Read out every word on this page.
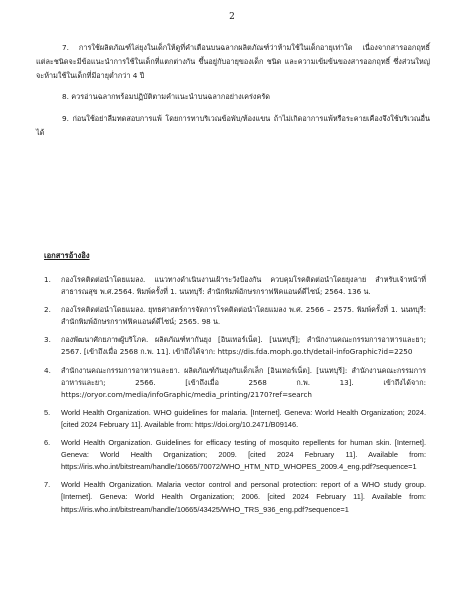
2

7. การใช้ผลิตภัณฑ์ไล่ยุงในเด็กให้ดูที่คำเตือนบนฉลากผลิตภัณฑ์ว่าห้ามใช้ในเด็กอายุเท่าใด เนื่องจากสารออกฤทธิ์แต่ละชนิดจะมีข้อแนะนำการใช้ในเด็กที่แตกต่างกัน ขึ้นอยู่กับอายุของเด็ก ชนิด และความเข้มข้นของสารออกฤทธิ์ ซึ่งส่วนใหญ่จะห้ามใช้ในเด็กที่มีอายุต่ำกว่า 4 ปี

8. ควรอ่านฉลากพร้อมปฏิบัติตามคำแนะนำบนฉลากอย่างเคร่งครัด

9. ก่อนใช้อย่าลืมทดสอบการแพ้ โดยการทาบริเวณข้อพับ/ท้องแขน ถ้าไม่เกิดอาการแพ้หรือระคายเคืองจึงใช้บริเวณอื่นได้

เอกสารอ้างอิง
1. กองโรคติดต่อนำโดยแมลง. แนวทางดำเนินงานเฝ้าระวังป้องกัน ควบคุมโรคติดต่อนำโดยยุงลาย สำหรับเจ้าหน้าที่สาธารณสุข พ.ศ.2564. พิมพ์ครั้งที่ 1. นนทบุรี: สำนักพิมพ์อักษรกราฟฟิคแอนด์ดีไซน์; 2564. 136 น.
2. กองโรคติดต่อนำโดยแมลง. ยุทธศาสตร์การจัดการโรคติดต่อนำโดยแมลง พ.ศ. 2566 – 2575. พิมพ์ครั้งที่ 1. นนทบุรี: สำนักพิมพ์อักษรกราฟฟิคแอนด์ดีไซน์; 2565. 98 น.
3. กองพัฒนาศักยภาพผู้บริโภค. ผลิตภัณฑ์ทากันยุง [อินเทอร์เน็ต]. [นนทบุรี]; สำนักงานคณะกรรมการอาหารและยา; 2567. [เข้าถึงเมื่อ 2568 ก.พ. 11]. เข้าถึงได้จาก: https://dis.fda.moph.go.th/detail-infoGraphic?id=2250
4. สำนักงานคณะกรรมการอาหารและยา. ผลิตภัณฑ์กันยุงกับเด็กเล็ก [อินเทอร์เน็ต]. [นนทบุรี]: สำนักงานคณะกรรมการอาหารและยา; 2566. [เข้าถึงเมื่อ 2568 ก.พ. 13]. เข้าถึงได้จาก: https://oryor.com/media/infoGraphic/media_printing/2170?ref=search
5. World Health Organization. WHO guidelines for malaria. [Internet]. Geneva: World Health Organization; 2024. [cited 2024 February 11]. Available from: https://doi.org/10.2471/B09146.
6. World Health Organization. Guidelines for efficacy testing of mosquito repellents for human skin. [Internet]. Geneva: World Health Organization; 2009. [cited 2024 February 11]. Available from: https://iris.who.int/bitstream/handle/10665/70072/WHO_HTM_NTD_WHOPES_2009.4_eng.pdf?sequence=1
7. World Health Organization. Malaria vector control and personal protection: report of a WHO study group. [Internet]. Geneva: World Health Organization; 2006. [cited 2024 February 11]. Available from: https://iris.who.int/bitstream/handle/10665/43425/WHO_TRS_936_eng.pdf?sequence=1
